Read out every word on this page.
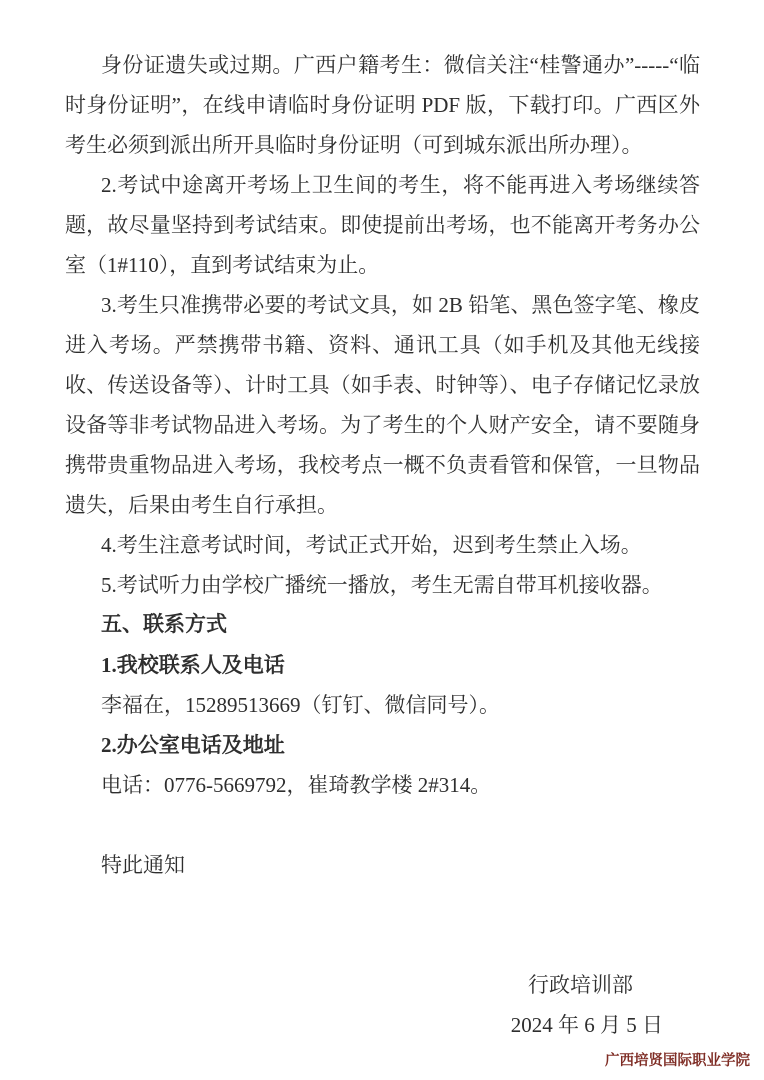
身份证遗失或过期。广西户籍考生：微信关注“桂警通办”-----“临时身份证明”，在线申请临时身份证明 PDF 版，下载打印。广西区外考生必须到派出所开具临时身份证明（可到城东派出所办理）。

2.考试中途离开考场上卫生间的考生，将不能再进入考场继续答题，故尽量坚持到考试结束。即使提前出考场，也不能离开考务办公室（1#110），直到考试结束为止。

3.考生只准携带必要的考试文具，如 2B 铅笔、黑色签字笔、橡皮进入考场。严禁携带书籍、资料、通讯工具（如手机及其他无线接收、传送设备等）、计时工具（如手表、时钟等）、电子存储记忆录放设备等非考试物品进入考场。为了考生的个人财产安全，请不要随身携带贵重物品进入考场，我校考点一概不负责看管和保管，一旦物品遗失，后果由考生自行承担。

4.考生注意考试时间，考试正式开始，迟到考生禁止入场。

5.考试听力由学校广播统一播放，考生无需自带耳机接收器。

五、联系方式

1.我校联系人及电话

李福在，15289513669（钉钉、微信同号）。

2.办公室电话及地址

电话：0776-5669792，崔琦教学楼 2#314。

特此通知

行政培训部

2024 年 6 月 5 日

广西培贤国际职业学院
